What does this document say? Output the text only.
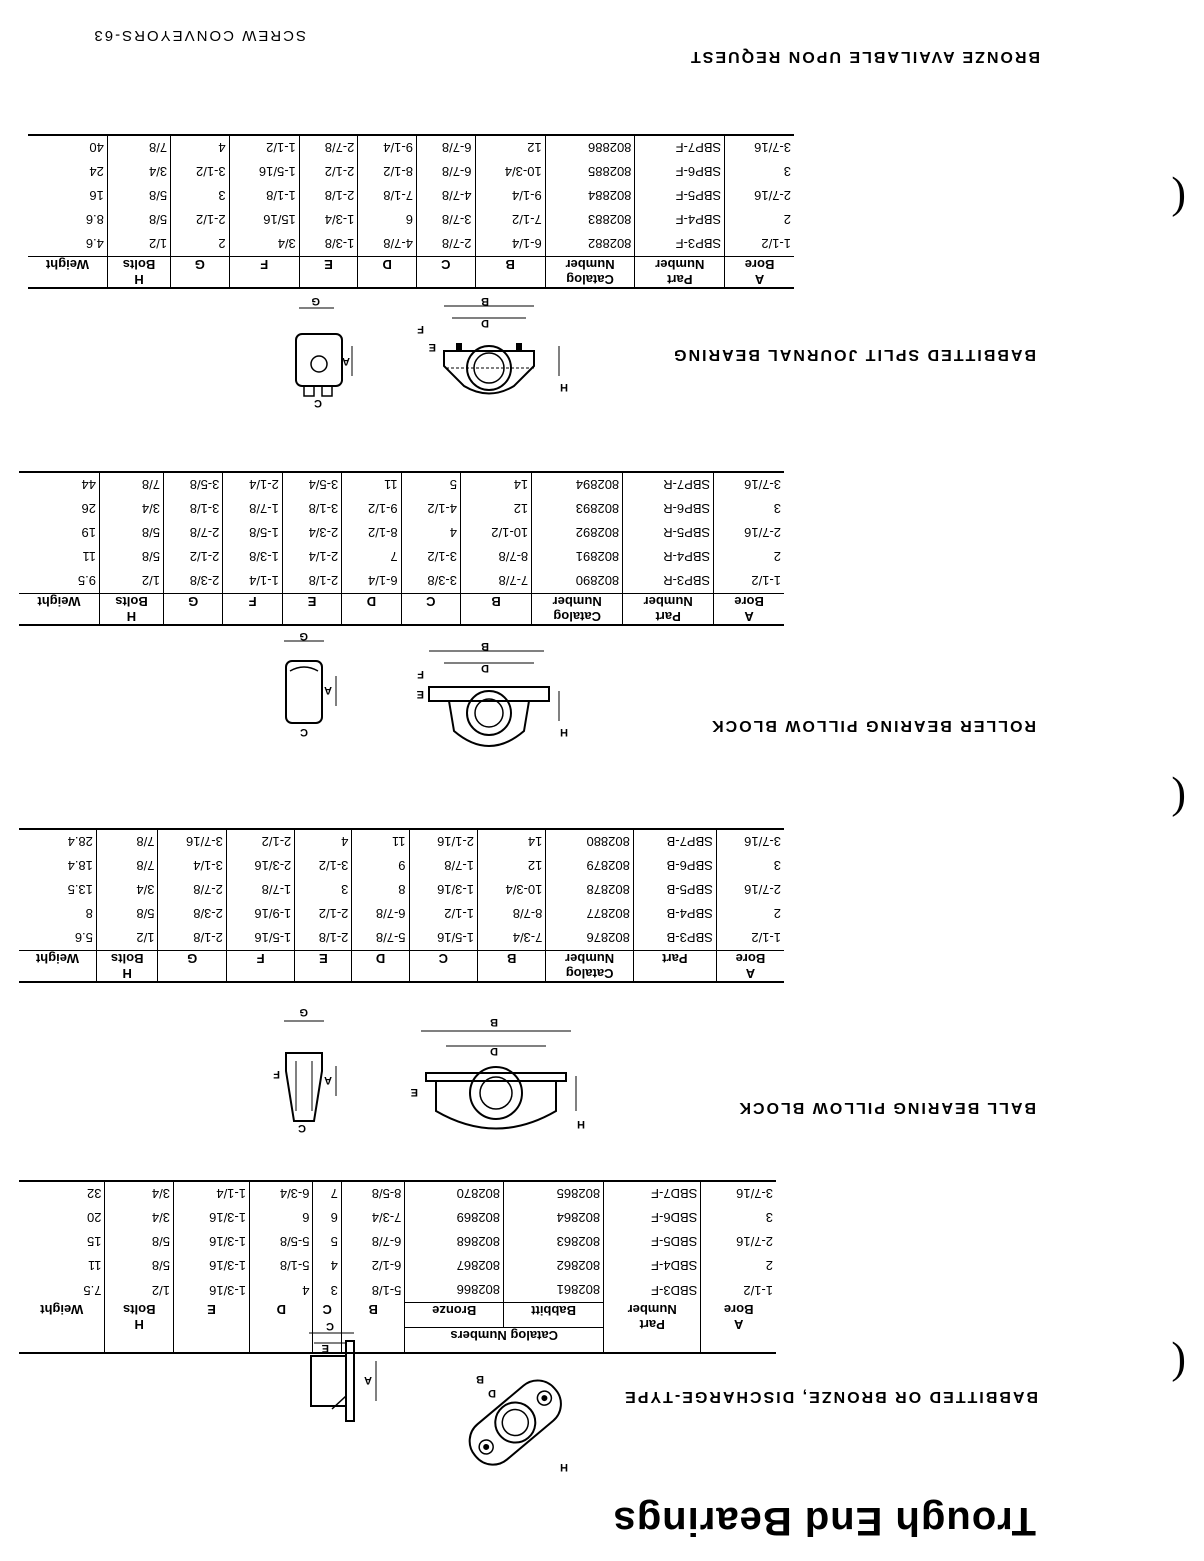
Trough End Bearings
BABBITTED OR BRONZE, DISCHARGE-TYPE
H
B
D
A
C
E
A
Bore	Part
Number	Catalog Numbers		B	C	D	E	H
Bolts	Weight
		Babbitt	Bronze						
1-1/2	SBD3-F	802861	802866	5-1/8	3	4	1-3/16	1/2	7.5
2	SBD4-F	802862	802867	6-1/2	4	5-1/8	1-3/16	5/8	11
2-7/16	SBD5-F	802863	802868	6-7/8	5	5-5/8	1-3/16	5/8	15
3	SBD6-F	802864	802869	7-3/4	6	6	1-3/16	3/4	20
3-7/16	SBD7-F	802865	802870	8-5/8	7	6-3/4	1-1/4	3/4	32
BALL BEARING PILLOW BLOCK
H
B
D
E
A
G
F
C
A
Bore	Part	Catalog
Number	B	C	D	E	F	G	H
Bolts	Weight
1-1/2	SBP3-B	802876	7-3/4	1-5/16	5-7/8	2-1/8	1-5/16	2-1/8	1/2	5.6
2	SBP4-B	802877	8-7/8	1-1/2	6-7/8	2-1/2	1-9/16	2-3/8	5/8	8
2-7/16	SBP5-B	802878	10-3/4	1-3/16	8	3	1-7/8	2-7/8	3/4	13.5
3	SBP6-B	802879	12	1-7/8	9	3-1/2	2-3/16	3-1/4	7/8	18.4
3-7/16	SBP7-B	802880	14	2-1/16	11	4	2-1/2	3-7/16	7/8	28.4
ROLLER BEARING PILLOW BLOCK
H
B
D
E
F
A
G
C
A
Bore	Part
Number	Catalog
Number	B	C	D	E	F	G	H
Bolts	Weight
1-1/2	SBP3-R	802890	7-7/8	3-3/8	6-1/4	2-1/8	1-1/4	2-3/8	1/2	9.5
2	SBP4-R	802891	8-7/8	3-1/2	7	2-1/4	1-3/8	2-1/2	5/8	11
2-7/16	SBP5-R	802892	10-1/2	4	8-1/2	2-3/4	1-5/8	2-7/8	5/8	19
3	SBP6-R	802893	12	4-1/2	9-1/2	3-1/8	1-7/8	3-1/8	3/4	26
3-7/16	SBP7-R	802894	14	5	11	3-5/4	2-1/4	3-5/8	7/8	44
BABBITTED SPLIT JOURNAL BEARING
H
B
D
E
F
A
G
C
A
Bore	Part
Number	Catalog
Number	B	C	D	E	F	G	H
Bolts	Weight
1-1/2	SBP3-F	802882	6-1/4	2-7/8	4-7/8	1-3/8	3/4	2	1/2	4.6
2	SBP4-F	802883	7-1/2	3-7/8	6	1-3/4	15/16	2-1/2	5/8	8.6
2-7/16	SBP5-F	802884	9-1/4	4-7/8	7-1/8	2-1/8	1-1/8	3	5/8	16
3	SBP6-F	802885	10-3/4	6-7/8	8-1/2	2-1/2	1-5/16	3-1/2	3/4	24
3-7/16	SBP7-F	802886	12	6-7/8	9-1/4	2-7/8	1-1/2	4	7/8	40
BRONZE AVAILABLE UPON REQUEST
SCREW CONVEYORS-63
(
(
(
